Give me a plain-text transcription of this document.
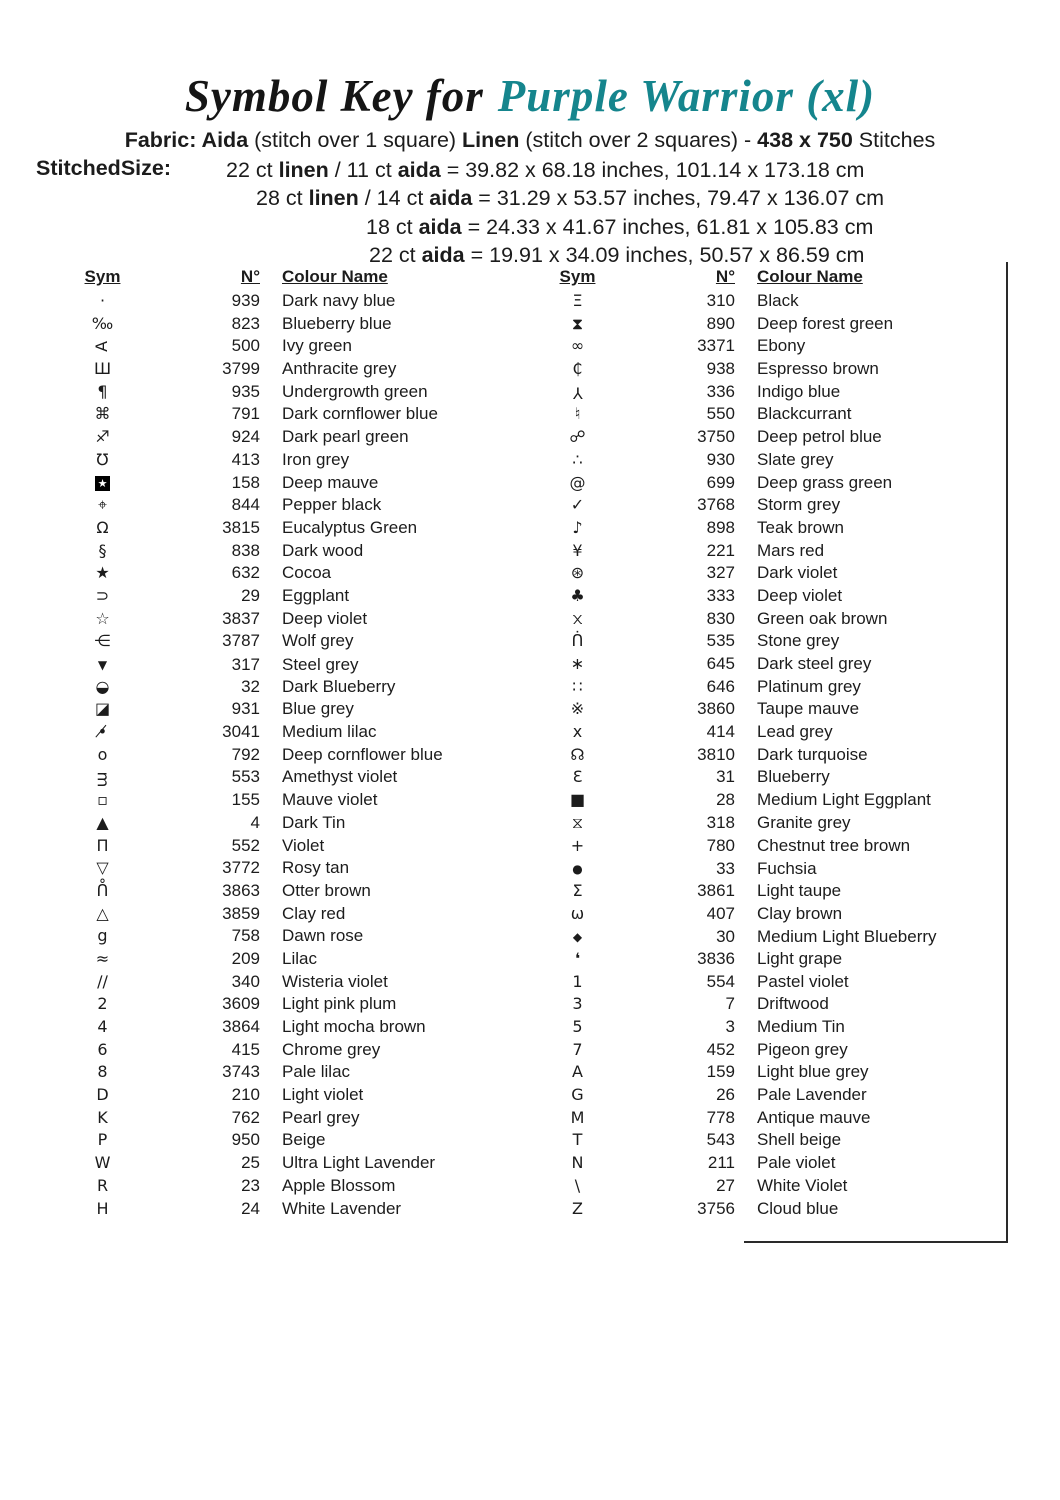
Symbol Key for Purple Warrior (xl)
Fabric: Aida (stitch over 1 square) Linen (stitch over 2 squares) - 438 x 750 Stitches
StitchedSize:	22 ct linen / 11 ct aida = 39.82 x 68.18 inches, 101.14 x 173.18 cm
28 ct linen / 14 ct aida = 31.29 x 53.57 inches, 79.47 x 136.07 cm
18 ct aida = 24.33 x 41.67 inches, 61.81 x 105.83 cm
22 ct aida = 19.91 x 34.09 inches, 50.57 x 86.59 cm
Sym	N°	Colour Name
·	939	Dark navy blue
‰	823	Blueberry blue
A	500	Ivy green
Ш	3799	Anthracite grey
¶	935	Undergrowth green
⌘	791	Dark cornflower blue
♐	924	Dark pearl green
℧	413	Iron grey
★	158	Deep mauve
⌖	844	Pepper black
Ω	3815	Eucalyptus Green
§	838	Dark wood
★	632	Cocoa
⊃	29	Eggplant
☆	3837	Deep violet
⋲	3787	Wolf grey
▼	317	Steel grey
◒	32	Dark Blueberry
◪	931	Blue grey
•̸	3041	Medium lilac
o	792	Deep cornflower blue
ᴟ	553	Amethyst violet
▫	155	Mauve violet
▲	4	Dark Tin
Π	552	Violet
▽	3772	Rosy tan
ᑍ	3863	Otter brown
△	3859	Clay red
g	758	Dawn rose
≈	209	Lilac
∕∕	340	Wisteria violet
2	3609	Light pink plum
4	3864	Light mocha brown
6	415	Chrome grey
8	3743	Pale lilac
D	210	Light violet
K	762	Pearl grey
P	950	Beige
W	25	Ultra Light Lavender
R	23	Apple Blossom
H	24	White Lavender
Sym	N°	Colour Name
Ξ	310	Black
⧗	890	Deep forest green
∞	3371	Ebony
₵	938	Espresso brown
Y	336	Indigo blue
♮	550	Blackcurrant
☍	3750	Deep petrol blue
∴	930	Slate grey
@	699	Deep grass green
✓	3768	Storm grey
♪	898	Teak brown
¥	221	Mars red
⊛	327	Dark violet
♣	333	Deep violet
᙭	830	Green oak brown
ᑏ	535	Stone grey
∗	645	Dark steel grey
∷	646	Platinum grey
※	3860	Taupe mauve
x	414	Lead grey
☊	3810	Dark turquoise
Ɛ	31	Blueberry
■	28	Medium Light Eggplant
⧖	318	Granite grey
+	780	Chestnut tree brown
●	33	Fuchsia
Σ	3861	Light taupe
ω	407	Clay brown
◆	30	Medium Light Blueberry
❛	3836	Light grape
1	554	Pastel violet
3	7	Driftwood
5	3	Medium Tin
7	452	Pigeon grey
A	159	Light blue grey
G	26	Pale Lavender
M	778	Antique mauve
T	543	Shell beige
N	211	Pale violet
\	27	White Violet
Z	3756	Cloud blue
